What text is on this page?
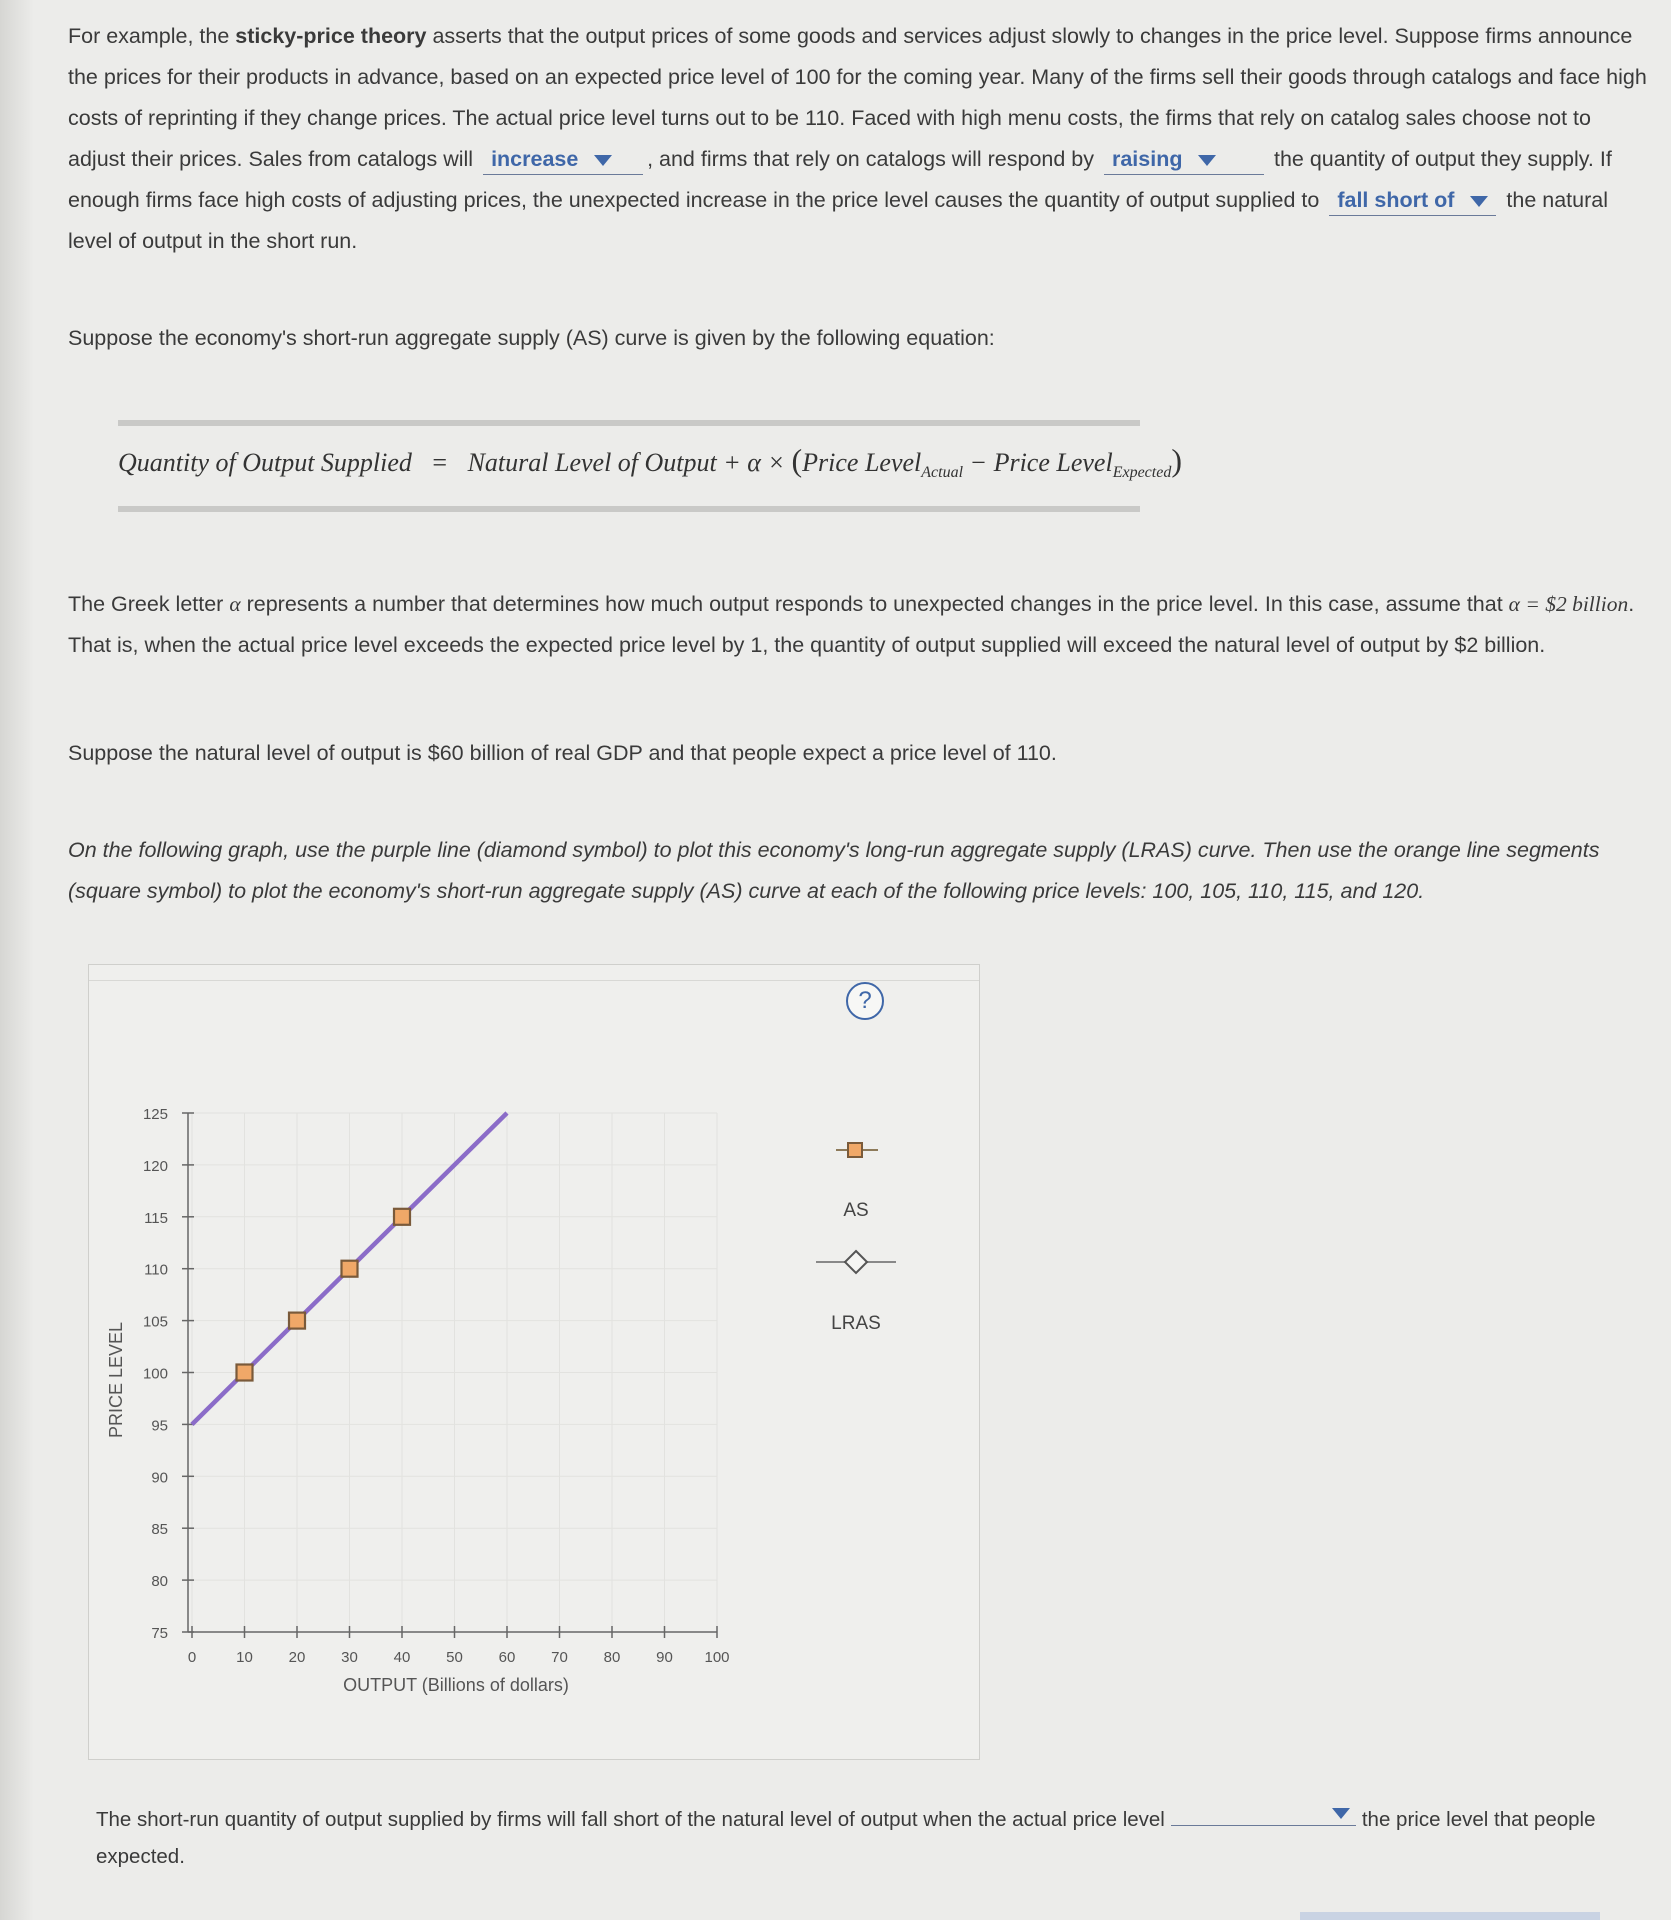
For example, the sticky-price theory asserts that the output prices of some goods and services adjust slowly to changes in the price level. Suppose firms announce the prices for their products in advance, based on an expected price level of 100 for the coming year. Many of the firms sell their goods through catalogs and face high costs of reprinting if they change prices. The actual price level turns out to be 110. Faced with high menu costs, the firms that rely on catalog sales choose not to adjust their prices. Sales from catalogs will increase	, and firms that rely on catalogs will respond by raising	the quantity of output they supply. If enough firms face high costs of adjusting prices, the unexpected increase in the price level causes the quantity of output supplied to fall short of the natural level of output in the short run.
Suppose the economy's short-run aggregate supply (AS) curve is given by the following equation:
Quantity of Output Supplied = Natural Level of Output + α × (Price Level$_{Actual}$ − Price Level$_{Expected}$)
The Greek letter α represents a number that determines how much output responds to unexpected changes in the price level. In this case, assume that α = $2 billion. That is, when the actual price level exceeds the expected price level by 1, the quantity of output supplied will exceed the natural level of output by $2 billion.
Suppose the natural level of output is $60 billion of real GDP and that people expect a price level of 110.
On the following graph, use the purple line (diamond symbol) to plot this economy's long-run aggregate supply (LRAS) curve. Then use the orange line segments (square symbol) to plot the economy's short-run aggregate supply (AS) curve at each of the following price levels: 100, 105, 110, 115, and 120.
?
125
120
115
110
105
100
95
90
85
80
75
0	10 20 30 40 50 60 70 80 90 100
PRICE LEVEL
OUTPUT (Billions of dollars)
AS
LRAS
The short-run quantity of output supplied by firms will fall short of the natural level of output when the actual price level	the price level that people expected.
